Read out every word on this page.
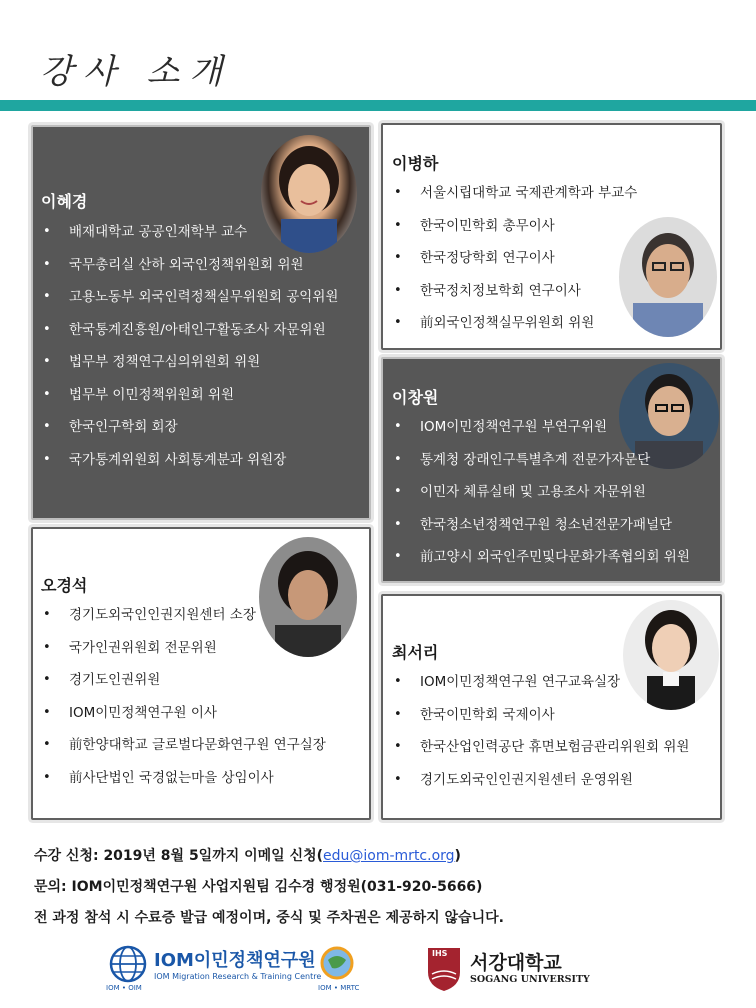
강사 소개
이혜경
• 배재대학교 공공인재학부 교수
• 국무총리실 산하 외국인정책위원회 위원
• 고용노동부 외국인력정책실무위원회 공익위원
• 한국통계진흥원/아태인구활동조사 자문위원
• 법무부 정책연구심의위원회 위원
• 법무부 이민정책위원회 위원
• 한국인구학회 회장
• 국가통계위원회 사회통계분과 위원장
이병하
• 서울시립대학교 국제관계학과 부교수
• 한국이민학회 총무이사
• 한국정당학회 연구이사
• 한국정치정보학회 연구이사
• 前외국인정책실무위원회 위원
이창원
• IOM이민정책연구원 부연구위원
• 통계청 장래인구특별추계 전문가자문단
• 이민자 체류실태 및 고용조사 자문위원
• 한국청소년정책연구원 청소년전문가패널단
• 前고양시 외국인주민및다문화가족협의회 위원
오경석
• 경기도외국인인권지원센터 소장
• 국가인권위원회 전문위원
• 경기도인권위원
• IOM이민정책연구원 이사
• 前한양대학교 글로벌다문화연구원 연구실장
• 前사단법인 국경없는마을 상임이사
최서리
• IOM이민정책연구원 연구교육실장
• 한국이민학회 국제이사
• 한국산업인력공단 휴면보험금관리위원회 위원
• 경기도외국인인권지원센터 운영위원
수강 신청: 2019년 8월 5일까지 이메일 신청(edu@iom-mrtc.org)
문의: IOM이민정책연구원 사업지원팀 김수경 행정원(031-920-5666)
전 과정 참석 시 수료증 발급 예정이며, 중식 및 주차권은 제공하지 않습니다.
IOM • OIM
IOM이민정책연구원
IOM Migration Research & Training Centre
IOM • MRTC
IHS 서강대학교
SOGANG UNIVERSITY
